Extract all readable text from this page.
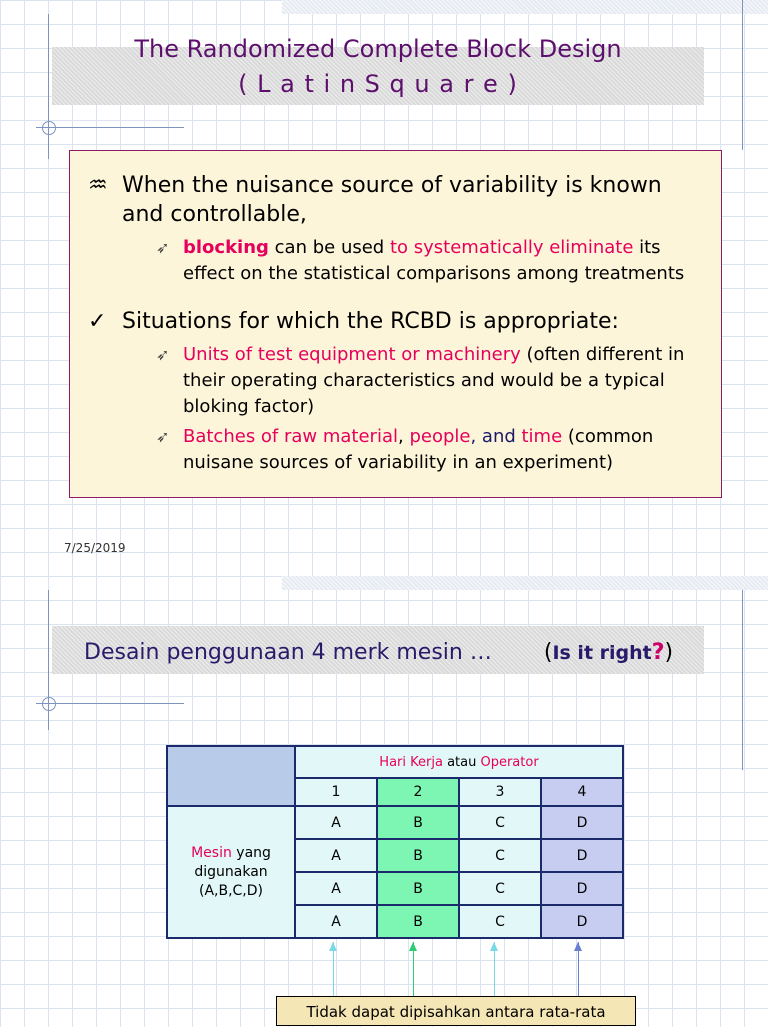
The Randomized Complete Block Design
( L a t i n S q u a r e )
♒ When the nuisance source of variability is known
and controllable,
➶ blocking can be used to systematically eliminate its
effect on the statistical comparisons among treatments
✓ Situations for which the RCBD is appropriate:
➶ Units of test equipment or machinery (often different in
their operating characteristics and would be a typical
bloking factor)
➶ Batches of raw material, people, and time (common
nuisane sources of variability in an experiment)
7/25/2019
Desain penggunaan 4 merk mesin … (Is it right?)
	Hari Kerja atau Operator			
	1	2	3	4

Mesin yang
digunakan
(A,B,C,D)	A	B	C	D
	A	B	C	D
	A	B	C	D
	A	B	C	D
Tidak dapat dipisahkan antara rata-rata
